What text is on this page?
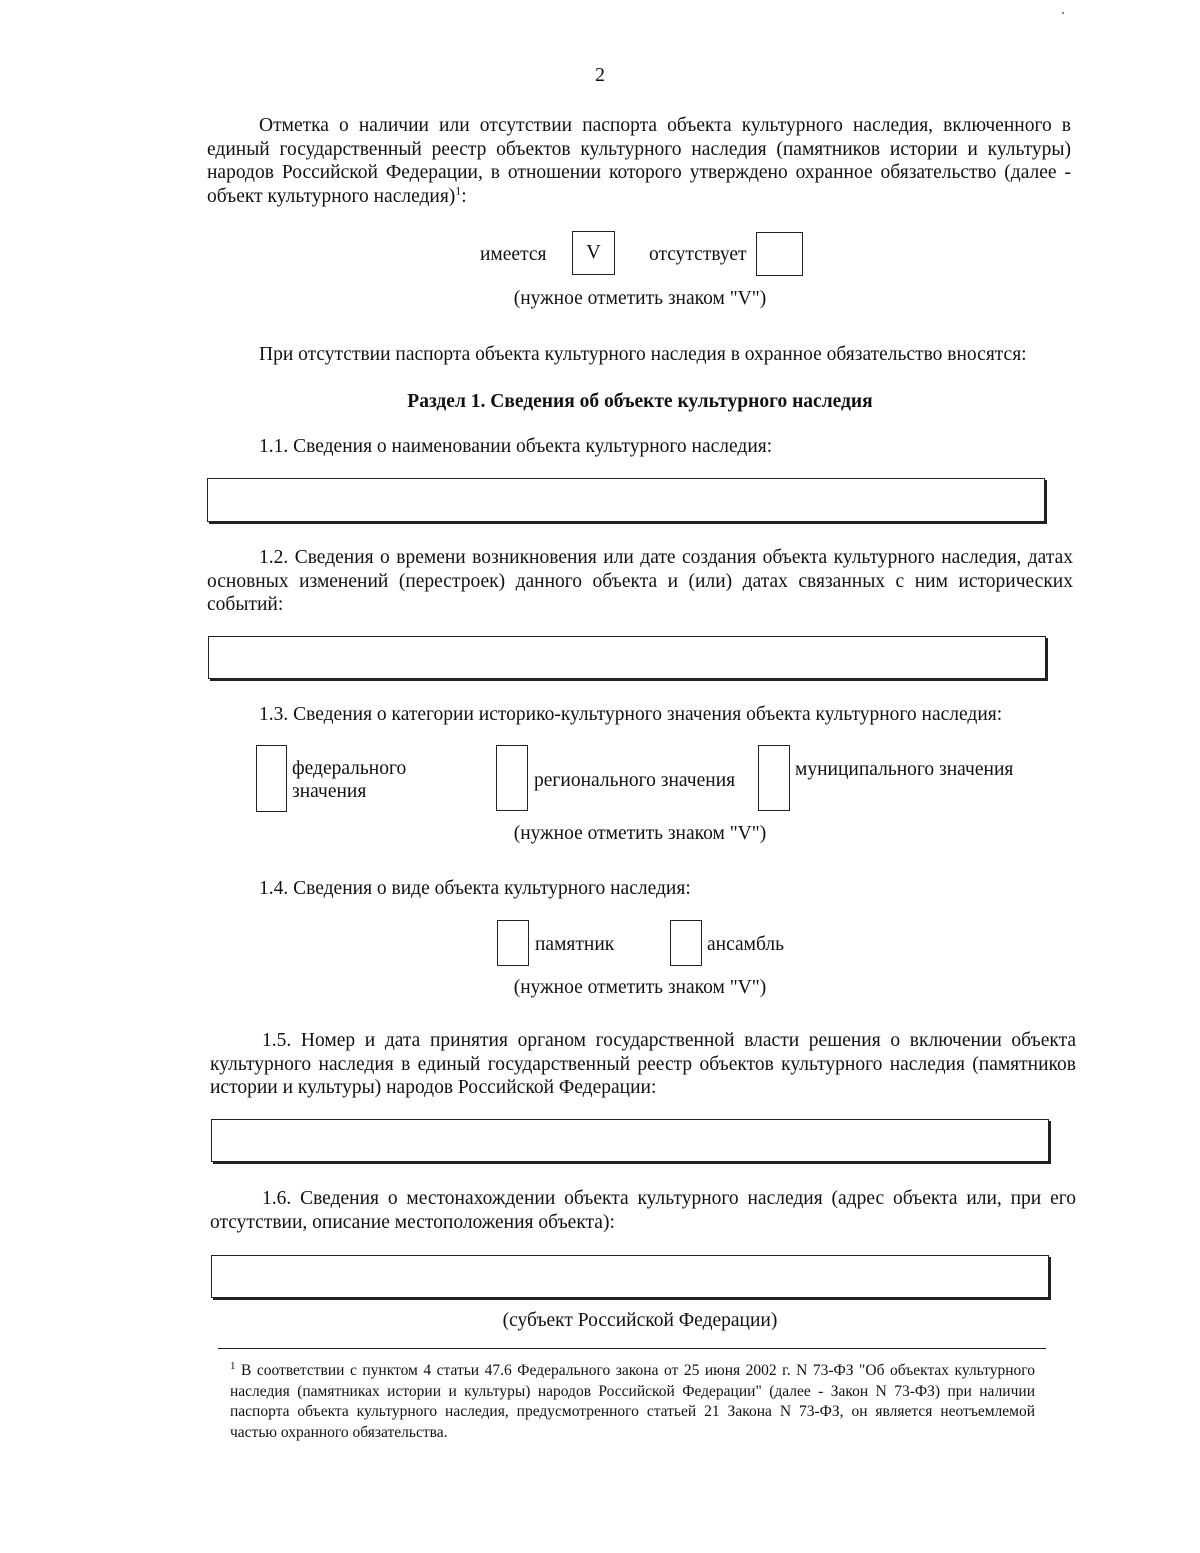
2
Отметка о наличии или отсутствии паспорта объекта культурного наследия, включенного в единый государственный реестр объектов культурного наследия (памятников истории и культуры) народов Российской Федерации, в отношении которого утверждено охранное обязательство (далее - объект культурного наследия)$^1$:
имеется	V	отсутствует
(нужное отметить знаком "V")
При отсутствии паспорта объекта культурного наследия в охранное обязательство вносятся:
Раздел 1. Сведения об объекте культурного наследия
1.1. Сведения о наименовании объекта культурного наследия:
1.2. Сведения о времени возникновения или дате создания объекта культурного наследия, датах основных изменений (перестроек) данного объекта и (или) датах связанных с ним исторических событий:
1.3. Сведения о категории историко-культурного значения объекта культурного наследия:
федерального
значения
регионального значения
муниципального значения
(нужное отметить знаком "V")
1.4. Сведения о виде объекта культурного наследия:
памятник	ансамбль
(нужное отметить знаком "V")
1.5. Номер и дата принятия органом государственной власти решения о включении объекта культурного наследия в единый государственный реестр объектов культурного наследия (памятников истории и культуры) народов Российской Федерации:
1.6. Сведения о местонахождении объекта культурного наследия (адрес объекта или, при его отсутствии, описание местоположения объекта):
(субъект Российской Федерации)
$^1$ В соответствии с пунктом 4 статьи 47.6 Федерального закона от 25 июня 2002 г. N 73-ФЗ "Об объектах культурного наследия (памятниках истории и культуры) народов Российской Федерации" (далее - Закон N 73-ФЗ) при наличии паспорта объекта культурного наследия, предусмотренного статьей 21 Закона N 73-ФЗ, он является неотъемлемой частью охранного обязательства.
